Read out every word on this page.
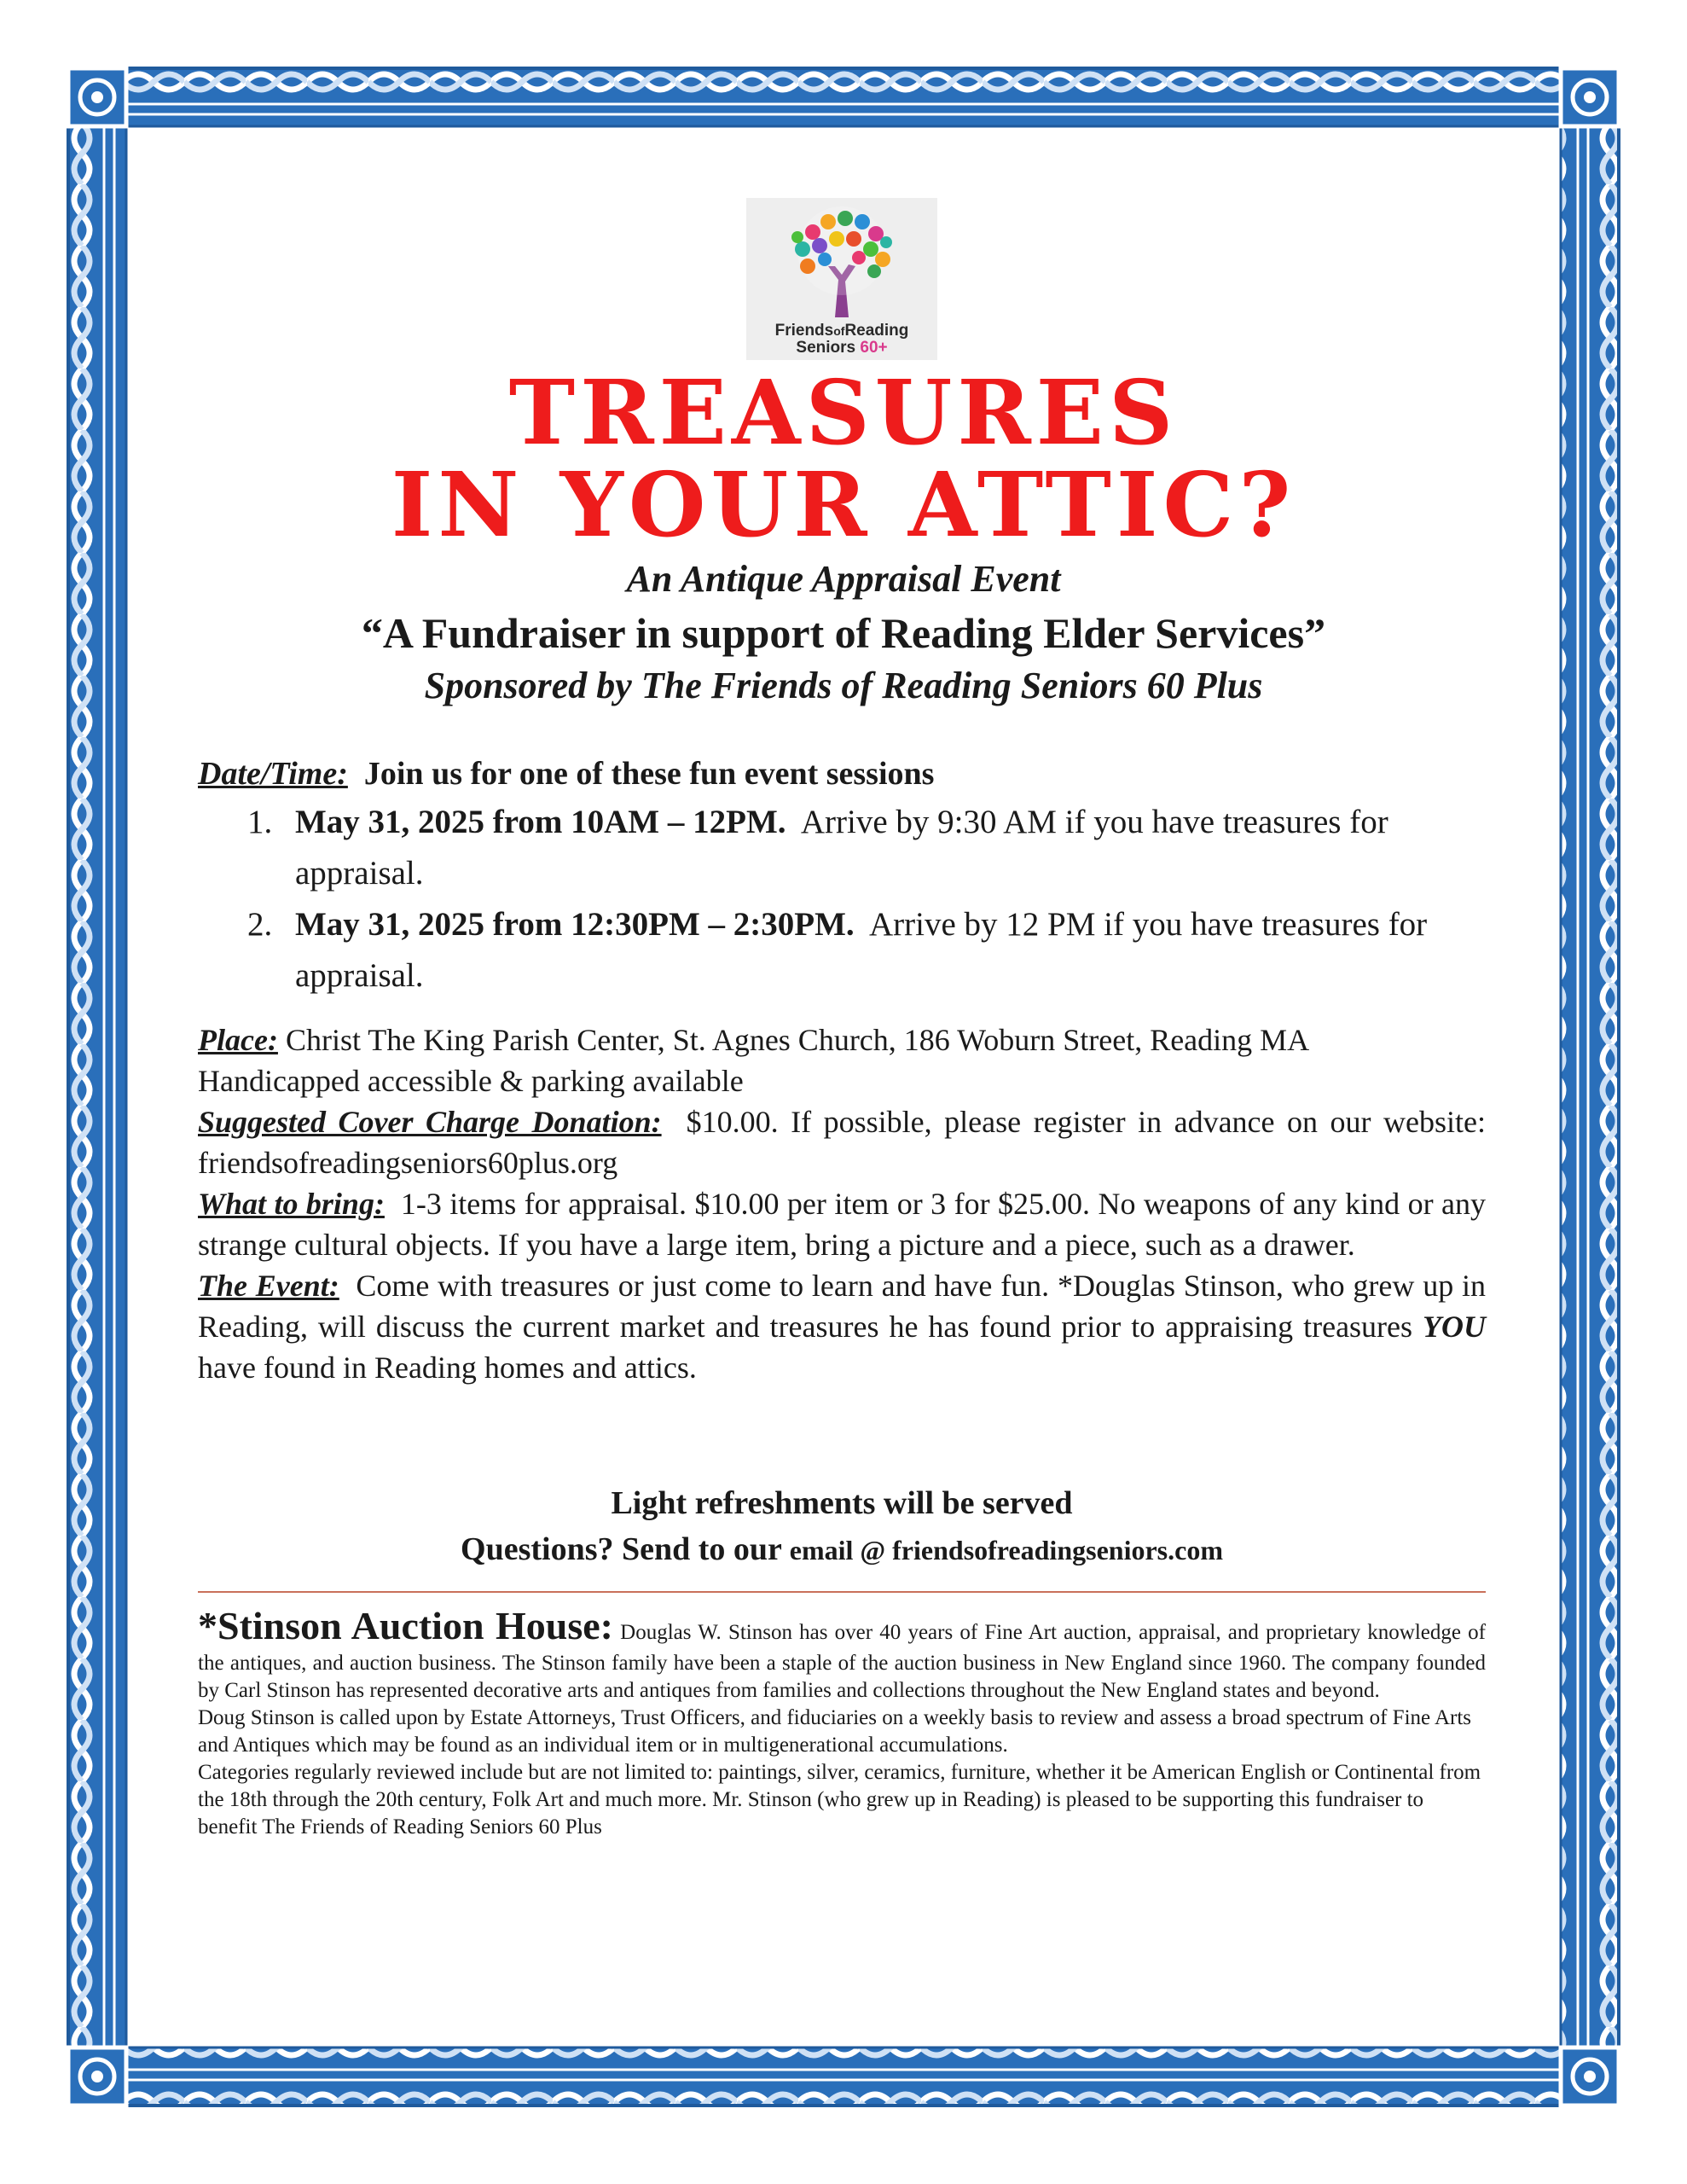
FriendsofReading
Seniors 60+
TREASURES
IN YOUR ATTIC?
An Antique Appraisal Event
“A Fundraiser in support of Reading Elder Services”
Sponsored by The Friends of Reading Seniors 60 Plus
Date/Time: Join us for one of these fun event sessions
1. May 31, 2025 from 10AM – 12PM. Arrive by 9:30 AM if you have treasures for appraisal.
2. May 31, 2025 from 12:30PM – 2:30PM. Arrive by 12 PM if you have treasures for appraisal.

Place: Christ The King Parish Center, St. Agnes Church, 186 Woburn Street, Reading MA
Handicapped accessible & parking available

Suggested Cover Charge Donation: $10.00. If possible, please register in advance on our website: friendsofreadingseniors60plus.org

What to bring: 1-3 items for appraisal. $10.00 per item or 3 for $25.00. No weapons of any kind or any strange cultural objects. If you have a large item, bring a picture and a piece, such as a drawer.

The Event: Come with treasures or just come to learn and have fun. *Douglas Stinson, who grew up in Reading, will discuss the current market and treasures he has found prior to appraising treasures YOU have found in Reading homes and attics.

Light refreshments will be served
Questions? Send to our email @ friendsofreadingseniors.com

*Stinson Auction House: Douglas W. Stinson has over 40 years of Fine Art auction, appraisal, and proprietary knowledge of the antiques, and auction business. The Stinson family have been a staple of the auction business in New England since 1960. The company founded by Carl Stinson has represented decorative arts and antiques from families and collections throughout the New England states and beyond.

Doug Stinson is called upon by Estate Attorneys, Trust Officers, and fiduciaries on a weekly basis to review and assess a broad spectrum of Fine Arts and Antiques which may be found as an individual item or in multigenerational accumulations.

Categories regularly reviewed include but are not limited to: paintings, silver, ceramics, furniture, whether it be American English or Continental from the 18th through the 20th century, Folk Art and much more. Mr. Stinson (who grew up in Reading) is pleased to be supporting this fundraiser to benefit The Friends of Reading Seniors 60 Plus
